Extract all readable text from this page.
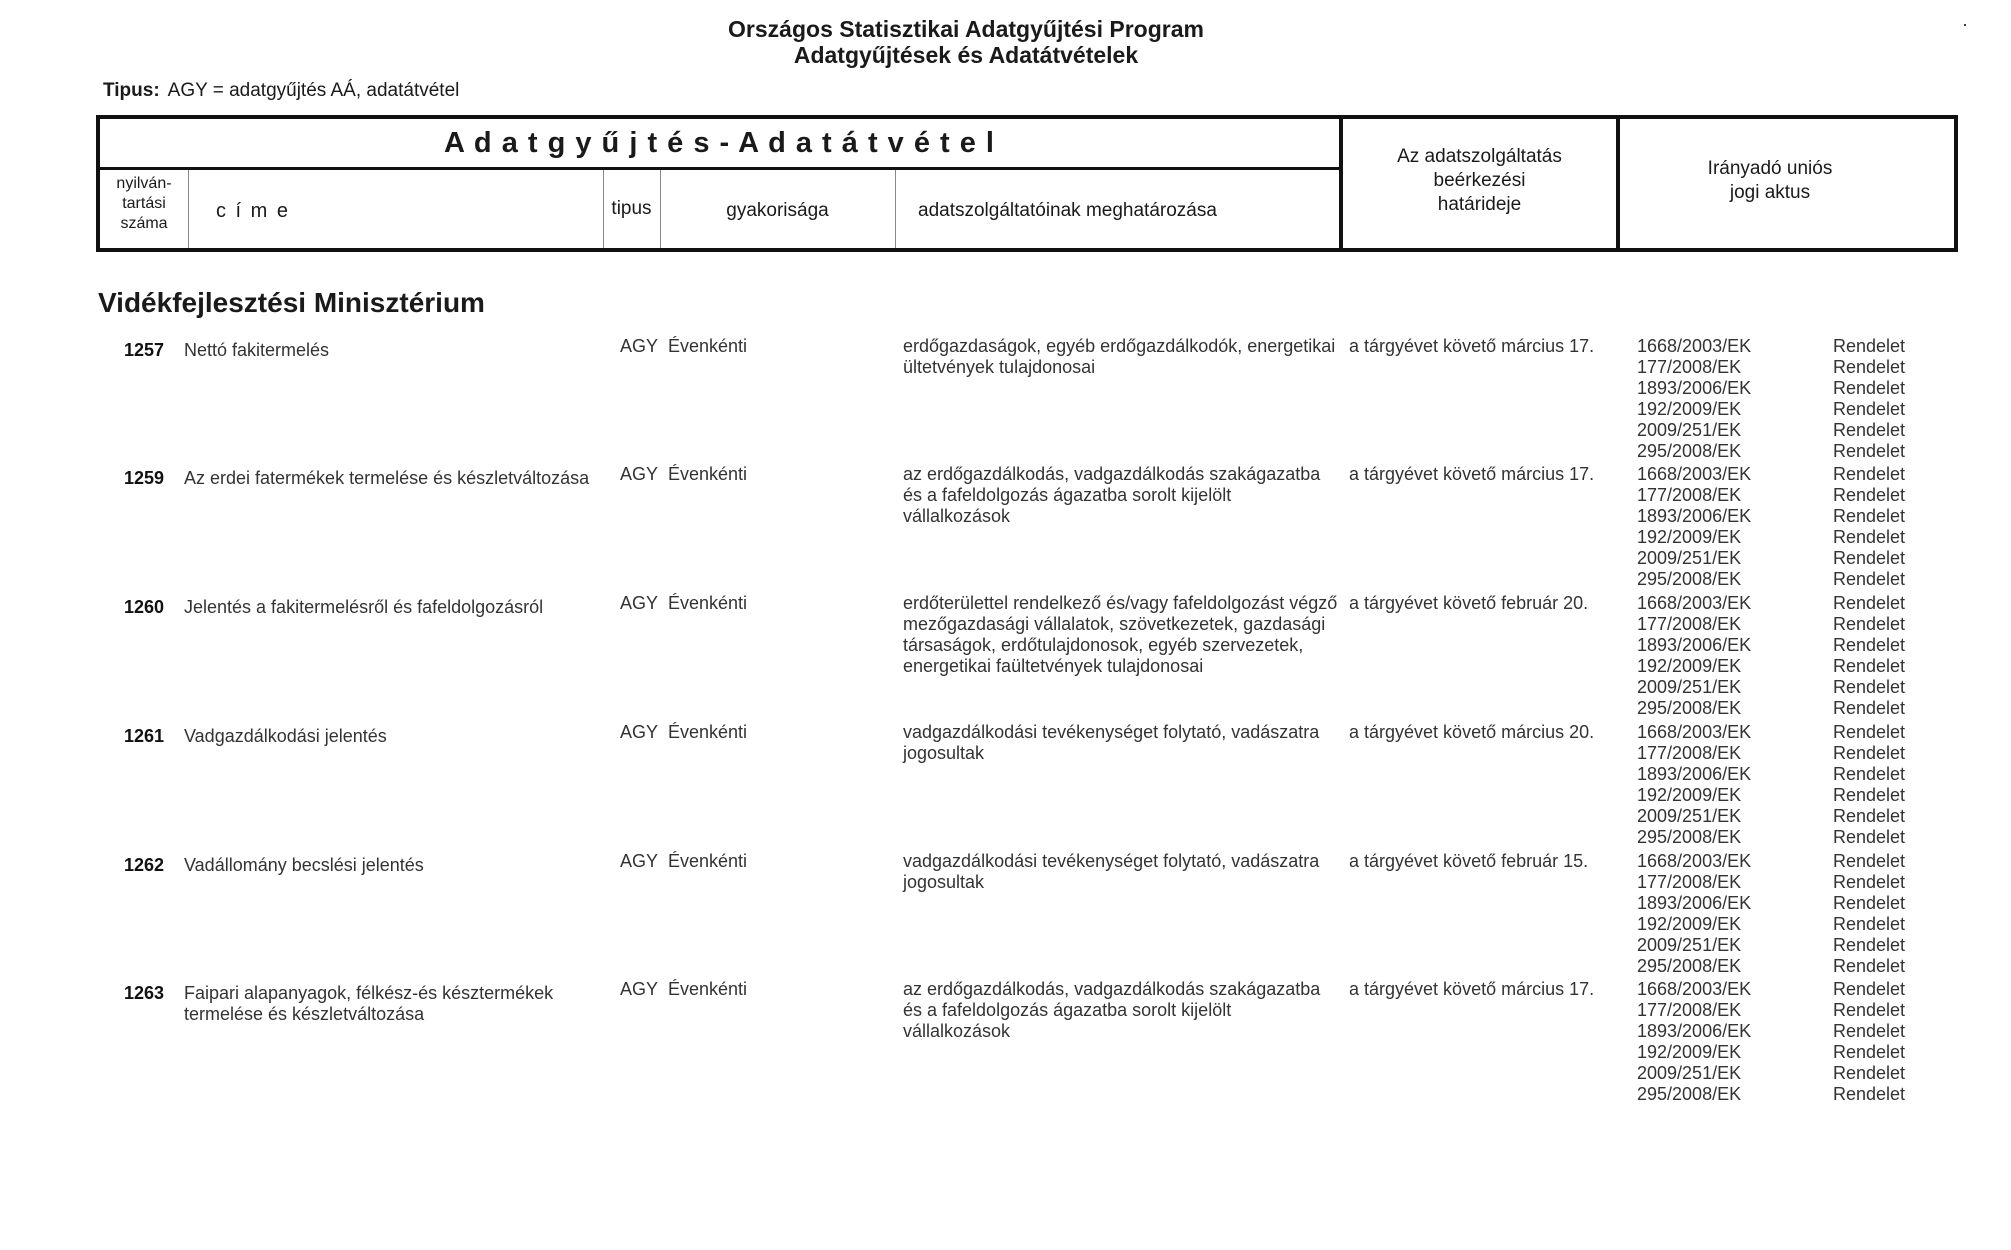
Országos Statisztikai Adatgyűjtési Program
Adatgyűjtések és Adatátvételek
·
Tipus: AGY = adatgyűjtés AÁ, adatátvétel
A d a t g y ű j t é s - A d a t á t v é t e l
nyilván-
tartási
száma
c í m e	tipus	gyakorisága	adatszolgáltatóinak meghatározása
Az adatszolgáltatás
beérkezési
határideje
Irányadó uniós
jogi aktus
Vidékfejlesztési Minisztérium
1257 Nettó fakitermelés	AGY Évenkénti	erdőgazdaságok, egyéb erdőgazdálkodók, energetikai ültetvények tulajdonosai
a tárgyévet követő március 17.	1668/2003/EK	Rendelet
177/2008/EK	Rendelet
1893/2006/EK	Rendelet
192/2009/EK	Rendelet
2009/251/EK	Rendelet
295/2008/EK	Rendelet
1259 Az erdei fatermékek termelése és készletváltozása	AGY Évenkénti	az erdőgazdálkodás, vadgazdálkodás szakágazatba és a fafeldolgozás ágazatba sorolt kijelölt vállalkozások
a tárgyévet követő március 17.	1668/2003/EK	Rendelet
177/2008/EK	Rendelet
1893/2006/EK	Rendelet
192/2009/EK	Rendelet
2009/251/EK	Rendelet
295/2008/EK	Rendelet
1260 Jelentés a fakitermelésről és fafeldolgozásról	AGY Évenkénti	erdőterülettel rendelkező és/vagy fafeldolgozást végző mezőgazdasági vállalatok, szövetkezetek, gazdasági társaságok, erdőtulajdonosok, egyéb szervezetek, energetikai faültetvények tulajdonosai
a tárgyévet követő február 20.	1668/2003/EK	Rendelet
177/2008/EK	Rendelet
1893/2006/EK	Rendelet
192/2009/EK	Rendelet
2009/251/EK	Rendelet
295/2008/EK	Rendelet
1261 Vadgazdálkodási jelentés	AGY Évenkénti	vadgazdálkodási tevékenységet folytató, vadászatra jogosultak
a tárgyévet követő március 20.	1668/2003/EK	Rendelet
177/2008/EK	Rendelet
1893/2006/EK	Rendelet
192/2009/EK	Rendelet
2009/251/EK	Rendelet
295/2008/EK	Rendelet
1262 Vadállomány becslési jelentés	AGY Évenkénti	vadgazdálkodási tevékenységet folytató, vadászatra jogosultak
a tárgyévet követő február 15.	1668/2003/EK	Rendelet
177/2008/EK	Rendelet
1893/2006/EK	Rendelet
192/2009/EK	Rendelet
2009/251/EK	Rendelet
295/2008/EK	Rendelet
1263 Faipari alapanyagok, félkész-és késztermékek termelése és készletváltozása
AGY Évenkénti	az erdőgazdálkodás, vadgazdálkodás szakágazatba és a fafeldolgozás ágazatba sorolt kijelölt vállalkozások
a tárgyévet követő március 17.	1668/2003/EK	Rendelet
177/2008/EK	Rendelet
1893/2006/EK	Rendelet
192/2009/EK	Rendelet
2009/251/EK	Rendelet
295/2008/EK	Rendelet
